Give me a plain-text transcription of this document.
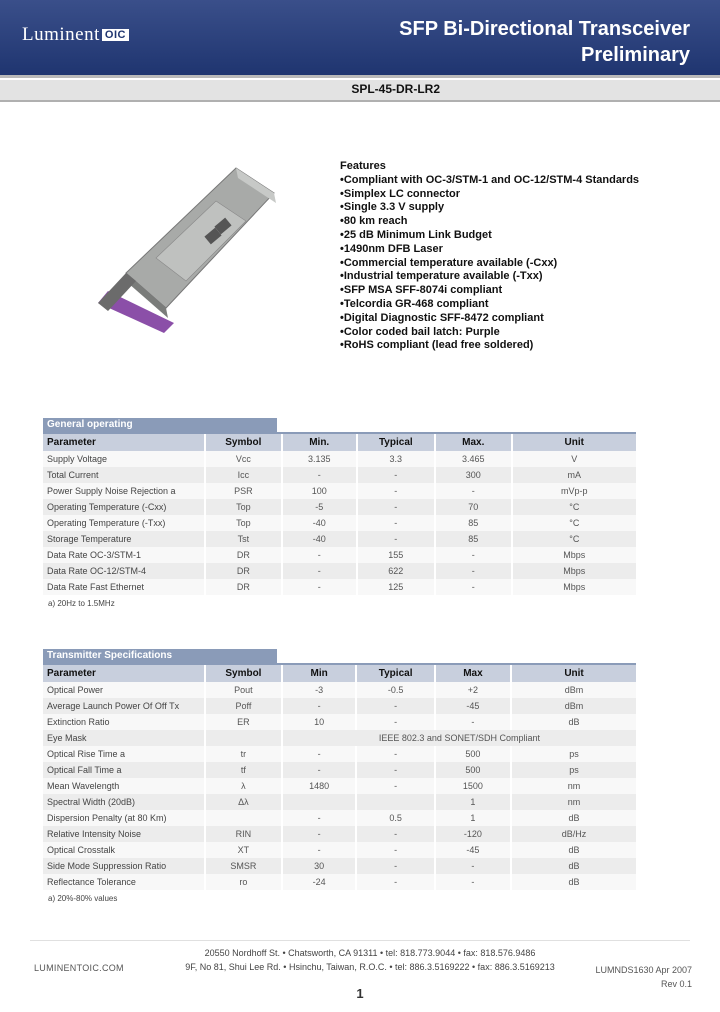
Luminent OIC	SFP Bi-Directional Transceiver
Preliminary
SPL-45-DR-LR2
Features
• Compliant with OC-3/STM-1 and OC-12/STM-4 Standards
• Simplex LC connector
• Single 3.3 V supply
• 80 km reach
• 25 dB Minimum Link Budget
• 1490nm DFB Laser
• Commercial temperature available (-Cxx)
• Industrial temperature available (-Txx)
• SFP MSA SFF-8074i compliant
• Telcordia GR-468 compliant
• Digital Diagnostic SFF-8472 compliant
• Color coded bail latch: Purple
• RoHS compliant (lead free soldered)
General operating
Parameter	Symbol	Min.	Typical	Max.	Unit
Supply Voltage	Vcc	3.135	3.3	3.465	V
Total Current	Icc	-	-	300	mA
Power Supply Noise Rejection a	PSR	100	-	-	mVp-p
Operating Temperature (-Cxx)	Top	-5	-	70	°C
Operating Temperature (-Txx)	Top	-40	-	85	°C
Storage Temperature	Tst	-40	-	85	°C
Data Rate OC-3/STM-1	DR	-	155	-	Mbps
Data Rate OC-12/STM-4	DR	-	622	-	Mbps
Data Rate Fast Ethernet	DR	-	125	-	Mbps
a) 20Hz to 1.5MHz
Transmitter Specifications
Parameter	Symbol	Min	Typical	Max	Unit
Optical Power	Pout	-3	-0.5	+2	dBm
Average Launch Power Of Off Tx	Poff	-	-	-45	dBm
Extinction Ratio	ER	10	-	-	dB
Eye Mask		IEEE 802.3 and SONET/SDH Compliant			
Optical Rise Time a	tr	-	-	500	ps
Optical Fall Time a	tf	-	-	500	ps
Mean Wavelength	λ	1480	-	1500	nm
Spectral Width (20dB)	Δλ			1	nm
Dispersion Penalty (at 80 Km)		-	0.5	1	dB
Relative Intensity Noise	RIN	-	-	-120	dB/Hz
Optical Crosstalk	XT	-	-	-45	dB
Side Mode Suppression Ratio	SMSR	30	-	-	dB
Reflectance Tolerance	ro	-24	-	-	dB
a) 20%-80% values
LUMINENTOIC.COM
20550 Nordhoff St. • Chatsworth, CA 91311 • tel: 818.773.9044 • fax: 818.576.9486
9F, No 81, Shui Lee Rd. • Hsinchu, Taiwan, R.O.C. • tel: 886.3.5169222 • fax: 886.3.5169213	LUMNDS1630 Apr 2007
Rev 0.1
1
